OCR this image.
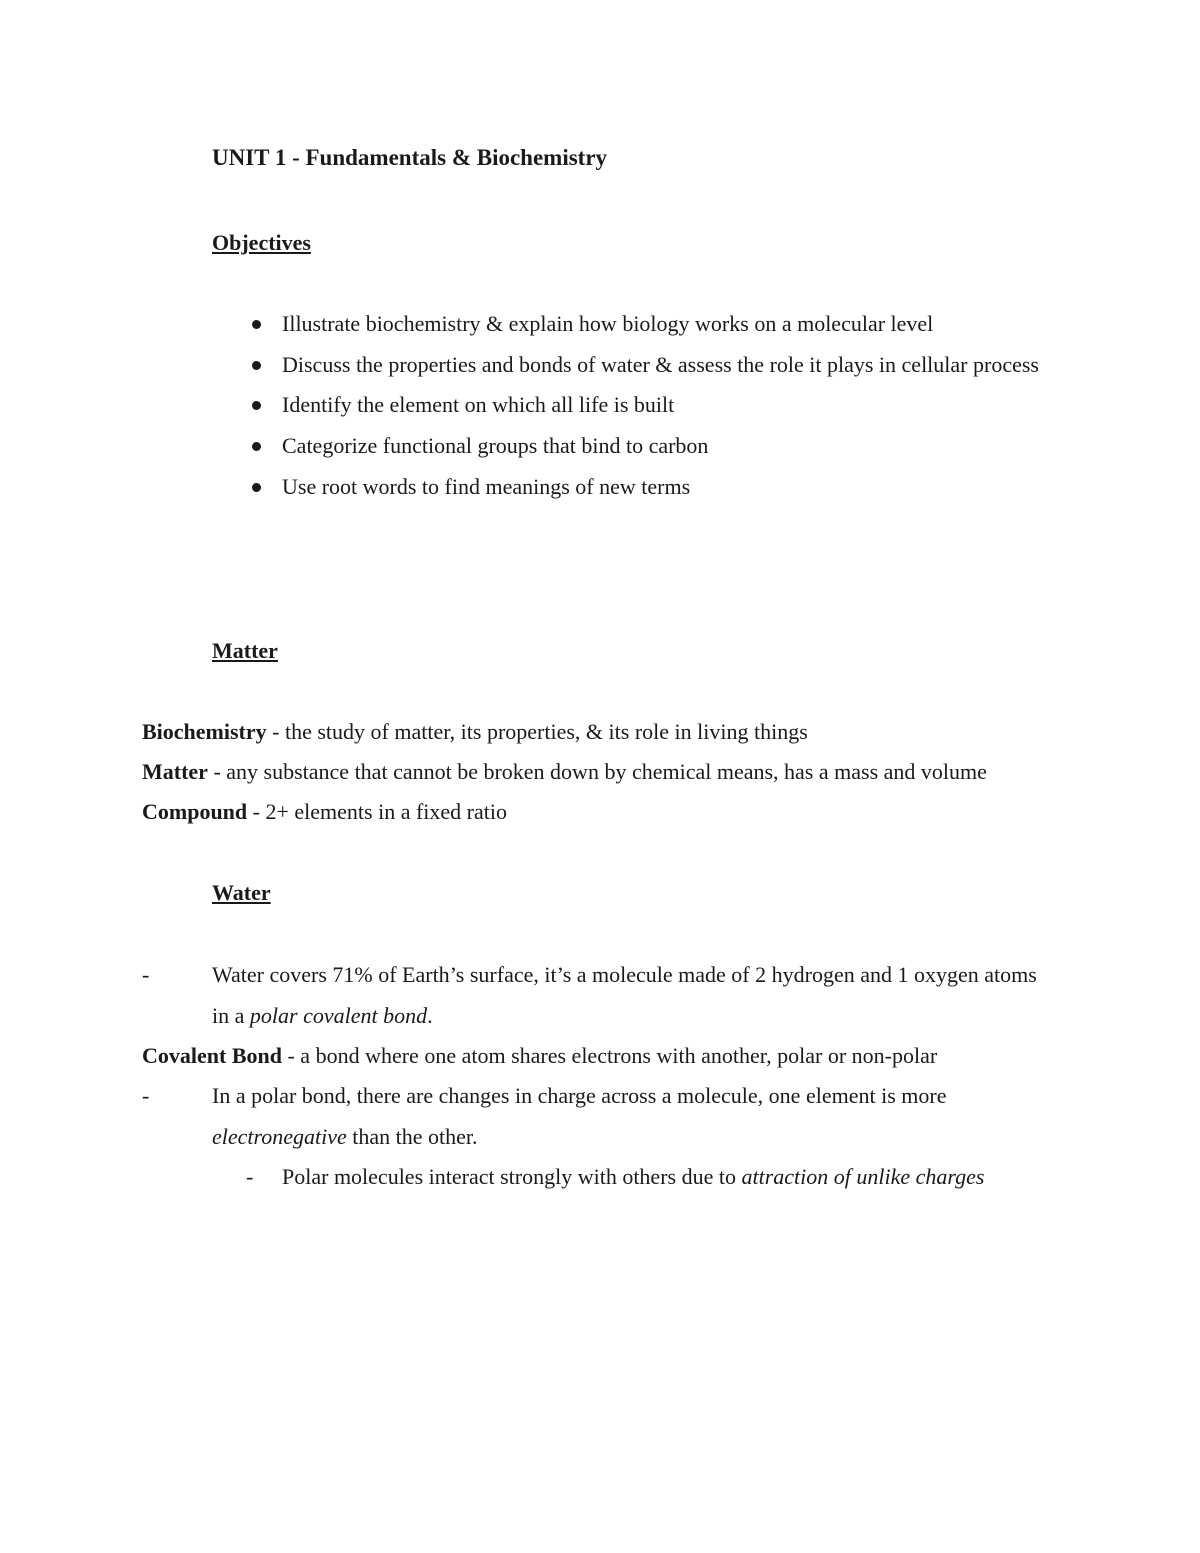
UNIT 1 - Fundamentals & Biochemistry
Objectives
Illustrate biochemistry & explain how biology works on a molecular level
Discuss the properties and bonds of water & assess the role it plays in cellular process
Identify the element on which all life is built
Categorize functional groups that bind to carbon
Use root words to find meanings of new terms
Matter
Biochemistry - the study of matter, its properties, & its role in living things
Matter - any substance that cannot be broken down by chemical means, has a mass and volume
Compound - 2+ elements in a fixed ratio
Water
-	Water covers 71% of Earth’s surface, it’s a molecule made of 2 hydrogen and 1 oxygen atoms in a polar covalent bond.
Covalent Bond - a bond where one atom shares electrons with another, polar or non-polar
-	In a polar bond, there are changes in charge across a molecule, one element is more electronegative than the other.
- Polar molecules interact strongly with others due to attraction of unlike charges
